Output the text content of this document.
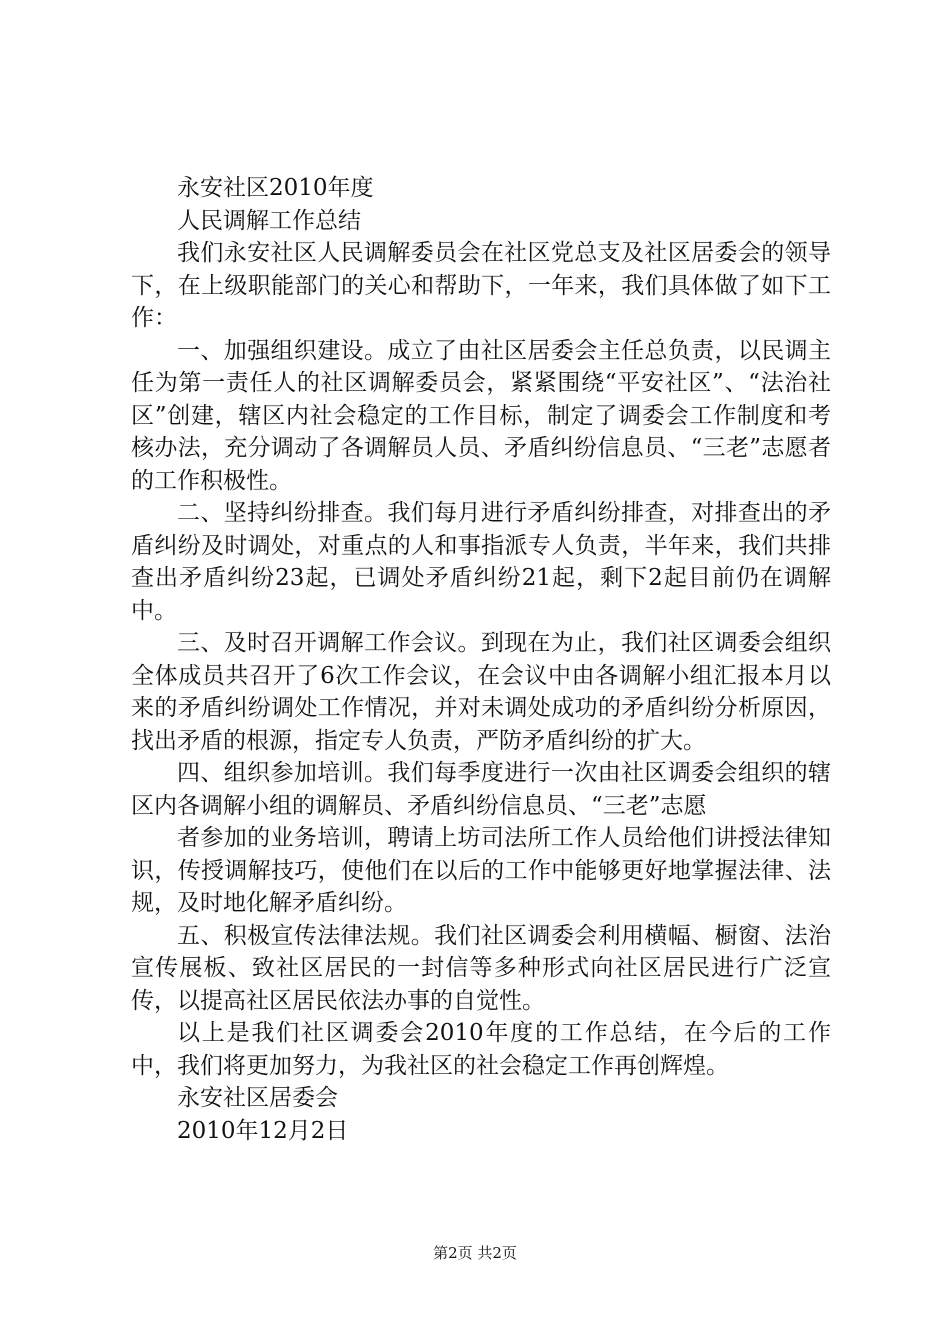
永安社区2010年度

人民调解工作总结

我们永安社区人民调解委员会在社区党总支及社区居委会的领导下，在上级职能部门的关心和帮助下，一年来，我们具体做了如下工作：

一、加强组织建设。成立了由社区居委会主任总负责，以民调主任为第一责任人的社区调解委员会，紧紧围绕“平安社区”、“法治社区”创建，辖区内社会稳定的工作目标，制定了调委会工作制度和考核办法，充分调动了各调解员人员、矛盾纠纷信息员、“三老”志愿者的工作积极性。

二、坚持纠纷排查。我们每月进行矛盾纠纷排查，对排查出的矛盾纠纷及时调处，对重点的人和事指派专人负责，半年来，我们共排查出矛盾纠纷23起，已调处矛盾纠纷21起，剩下2起目前仍在调解中。

三、及时召开调解工作会议。到现在为止，我们社区调委会组织全体成员共召开了6次工作会议，在会议中由各调解小组汇报本月以来的矛盾纠纷调处工作情况，并对未调处成功的矛盾纠纷分析原因，找出矛盾的根源，指定专人负责，严防矛盾纠纷的扩大。

四、组织参加培训。我们每季度进行一次由社区调委会组织的辖区内各调解小组的调解员、矛盾纠纷信息员、“三老”志愿

者参加的业务培训，聘请上坊司法所工作人员给他们讲授法律知识，传授调解技巧，使他们在以后的工作中能够更好地掌握法律、法规，及时地化解矛盾纠纷。

五、积极宣传法律法规。我们社区调委会利用横幅、橱窗、法治宣传展板、致社区居民的一封信等多种形式向社区居民进行广泛宣传，以提高社区居民依法办事的自觉性。

以上是我们社区调委会2010年度的工作总结，在今后的工作中，我们将更加努力，为我社区的社会稳定工作再创辉煌。

永安社区居委会

2010年12月2日

第2页 共2页
